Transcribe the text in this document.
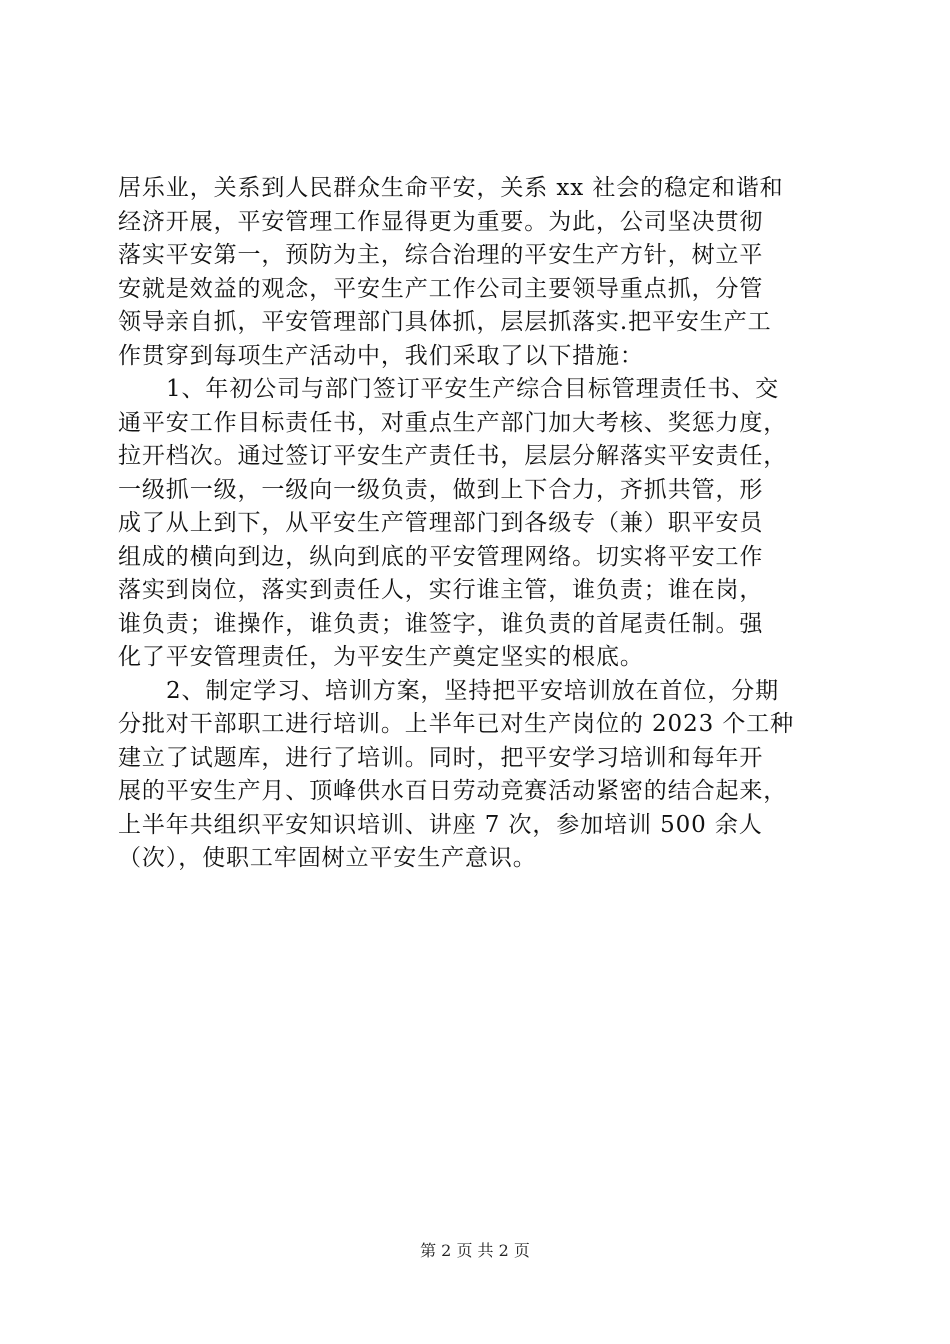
居乐业，关系到人民群众生命平安，关系 xx 社会的稳定和谐和
经济开展，平安管理工作显得更为重要。为此，公司坚决贯彻
落实平安第一，预防为主，综合治理的平安生产方针，树立平
安就是效益的观念，平安生产工作公司主要领导重点抓，分管
领导亲自抓，平安管理部门具体抓，层层抓落实.把平安生产工
作贯穿到每项生产活动中，我们采取了以下措施：
1、年初公司与部门签订平安生产综合目标管理责任书、交
通平安工作目标责任书，对重点生产部门加大考核、奖惩力度，
拉开档次。通过签订平安生产责任书，层层分解落实平安责任，
一级抓一级，一级向一级负责，做到上下合力，齐抓共管，形
成了从上到下，从平安生产管理部门到各级专（兼）职平安员
组成的横向到边，纵向到底的平安管理网络。切实将平安工作
落实到岗位，落实到责任人，实行谁主管，谁负责；谁在岗，
谁负责；谁操作，谁负责；谁签字，谁负责的首尾责任制。强
化了平安管理责任，为平安生产奠定坚实的根底。
2、制定学习、培训方案，坚持把平安培训放在首位，分期
分批对干部职工进行培训。上半年已对生产岗位的 2023 个工种
建立了试题库，进行了培训。同时，把平安学习培训和每年开
展的平安生产月、顶峰供水百日劳动竞赛活动紧密的结合起来，
上半年共组织平安知识培训、讲座 7 次，参加培训 500 余人
（次），使职工牢固树立平安生产意识。
第 2 页 共 2 页
